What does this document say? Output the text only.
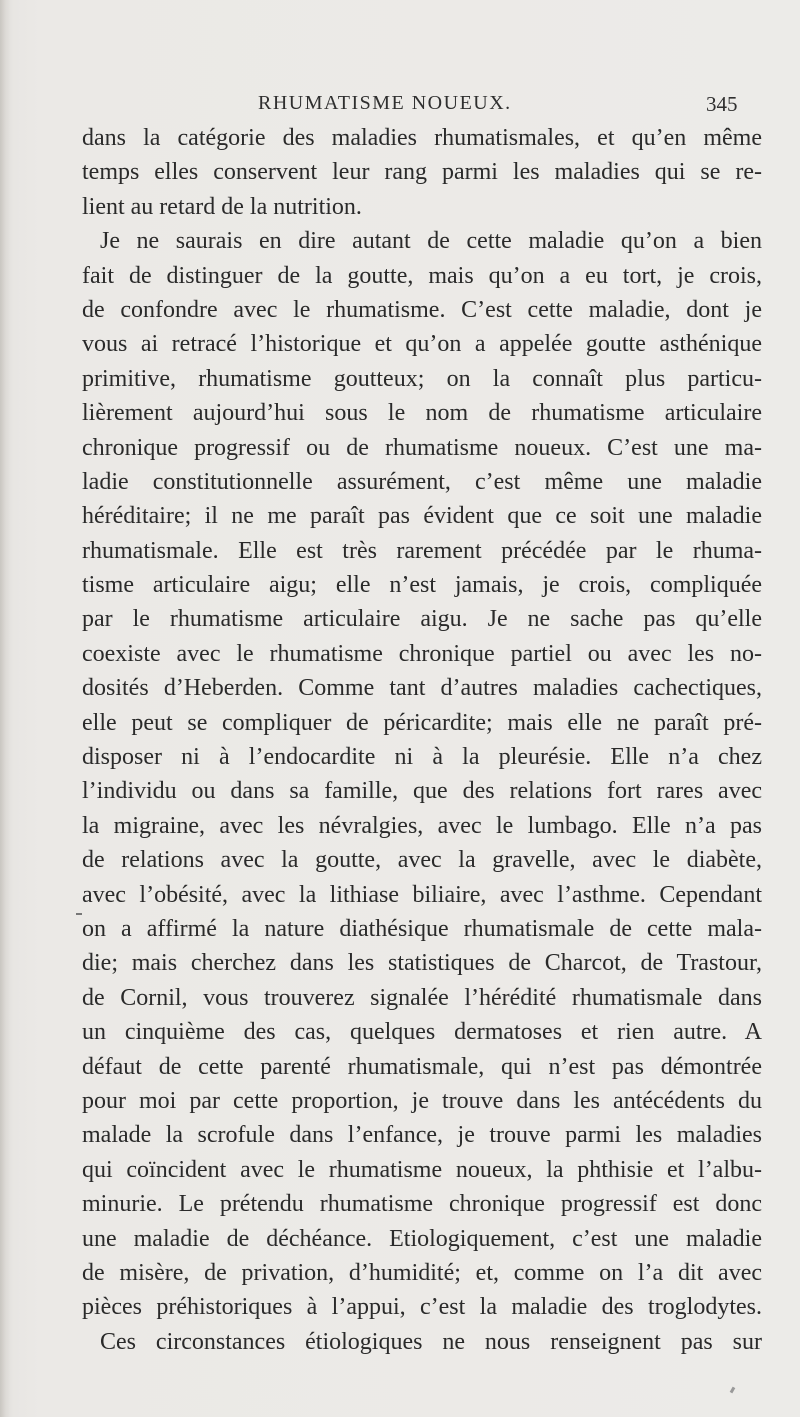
RHUMATISME NOUEUX.	345
dans la catégorie des maladies rhumatismales, et qu’en même
temps elles conservent leur rang parmi les maladies qui se re-
lient au retard de la nutrition.
Je ne saurais en dire autant de cette maladie qu’on a bien
fait de distinguer de la goutte, mais qu’on a eu tort, je crois,
de confondre avec le rhumatisme. C’est cette maladie, dont je
vous ai retracé l’historique et qu’on a appelée goutte asthénique
primitive, rhumatisme goutteux; on la connaît plus particu-
lièrement aujourd’hui sous le nom de rhumatisme articulaire
chronique progressif ou de rhumatisme noueux. C’est une ma-
ladie constitutionnelle assurément, c’est même une maladie
héréditaire; il ne me paraît pas évident que ce soit une maladie
rhumatismale. Elle est très rarement précédée par le rhuma-
tisme articulaire aigu; elle n’est jamais, je crois, compliquée
par le rhumatisme articulaire aigu. Je ne sache pas qu’elle
coexiste avec le rhumatisme chronique partiel ou avec les no-
dosités d’Heberden. Comme tant d’autres maladies cachectiques,
elle peut se compliquer de péricardite; mais elle ne paraît pré-
disposer ni à l’endocardite ni à la pleurésie. Elle n’a chez
l’individu ou dans sa famille, que des relations fort rares avec
la migraine, avec les névralgies, avec le lumbago. Elle n’a pas
de relations avec la goutte, avec la gravelle, avec le diabète,
avec l’obésité, avec la lithiase biliaire, avec l’asthme. Cependant
on a affirmé la nature diathésique rhumatismale de cette mala-
die; mais cherchez dans les statistiques de Charcot, de Trastour,
de Cornil, vous trouverez signalée l’hérédité rhumatismale dans
un cinquième des cas, quelques dermatoses et rien autre. A
défaut de cette parenté rhumatismale, qui n’est pas démontrée
pour moi par cette proportion, je trouve dans les antécédents du
malade la scrofule dans l’enfance, je trouve parmi les maladies
qui coïncident avec le rhumatisme noueux, la phthisie et l’albu-
minurie. Le prétendu rhumatisme chronique progressif est donc
une maladie de déchéance. Etiologiquement, c’est une maladie
de misère, de privation, d’humidité; et, comme on l’a dit avec
pièces préhistoriques à l’appui, c’est la maladie des troglodytes.
Ces circonstances étiologiques ne nous renseignent pas sur
